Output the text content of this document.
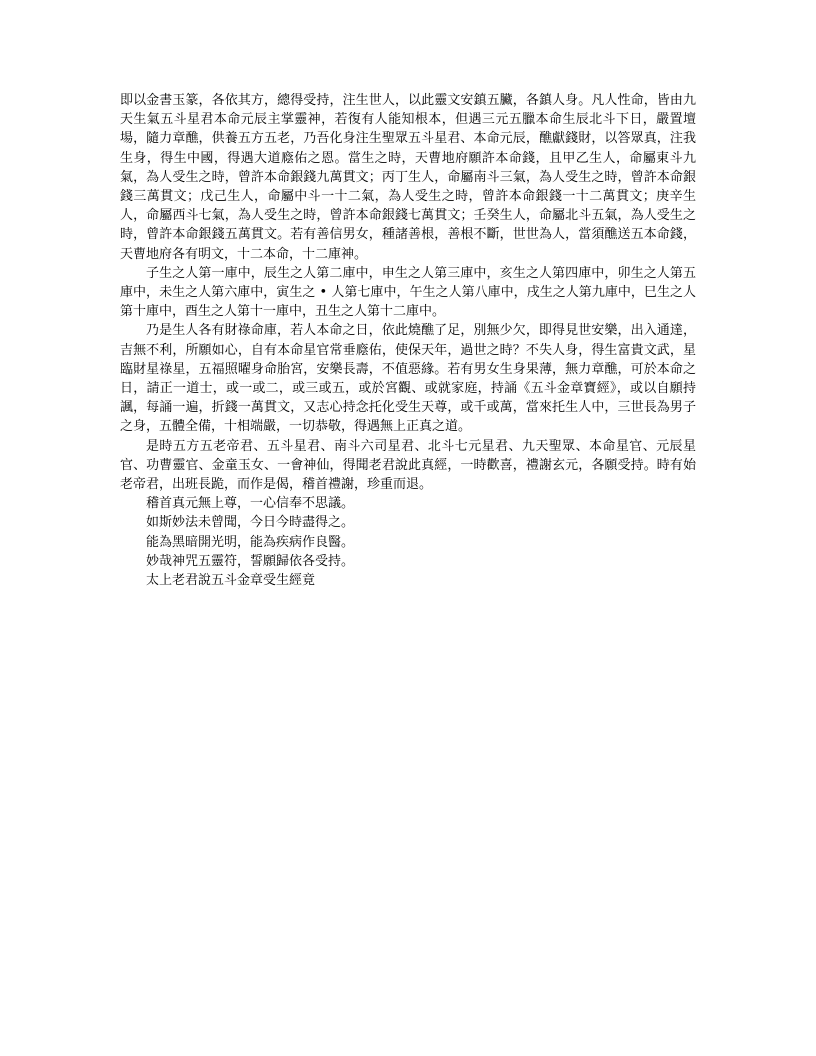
即以金書玉篆，各依其方，總得受持，注生世人，以此靈文安鎮五臟，各鎮人身。凡人性命，皆由九天生氣五斗星君本命元辰主掌靈神，若復有人能知根本，但遇三元五臘本命生辰北斗下日，嚴置壇場，隨力章醮，供養五方五老，乃吾化身注生聖眾五斗星君、本命元辰，醮獻錢財，以答眾真，注我生身，得生中國，得遇大道廕佑之恩。當生之時，天曹地府願許本命錢，且甲乙生人，命屬東斗九氣，為人受生之時，曾許本命銀錢九萬貫文；丙丁生人，命屬南斗三氣，為人受生之時，曾許本命銀錢三萬貫文；戊己生人，命屬中斗一十二氣，為人受生之時，曾許本命銀錢一十二萬貫文；庚辛生人，命屬西斗七氣，為人受生之時，曾許本命銀錢七萬貫文；壬癸生人，命屬北斗五氣，為人受生之時，曾許本命銀錢五萬貫文。若有善信男女，種諸善根，善根不斷，世世為人，當須醮送五本命錢，天曹地府各有明文，十二本命，十二庫神。

子生之人第一庫中，辰生之人第二庫中，申生之人第三庫中，亥生之人第四庫中，卯生之人第五庫中，未生之人第六庫中，寅生之 • 人第七庫中，午生之人第八庫中，戌生之人第九庫中，巳生之人第十庫中，酉生之人第十一庫中，丑生之人第十二庫中。

乃是生人各有財祿命庫，若人本命之日，依此燒醮了足，別無少欠，即得見世安樂，出入通達，吉無不利，所願如心，自有本命星官常垂廕佑，使保天年，過世之時？不失人身，得生富貴文武，星臨財星祿星，五福照曜身命胎宮，安樂長壽，不值惡緣。若有男女生身果薄，無力章醮，可於本命之日，請正一道士，或一或二，或三或五，或於宮觀、或就家庭，持誦《五斗金章寶經》，或以自願持諷，每誦一遍，折錢一萬貫文，又志心持念托化受生天尊，或千或萬，當來托生人中，三世長為男子之身，五體全備，十相端嚴，一切恭敬，得遇無上正真之道。

是時五方五老帝君、五斗星君、南斗六司星君、北斗七元星君、九天聖眾、本命星官、元辰星官、功曹靈官、金童玉女、一會神仙，得聞老君說此真經，一時歡喜，禮謝玄元，各願受持。時有始老帝君，出班長跪，而作是偈，稽首禮謝，珍重而退。

稽首真元無上尊，一心信奉不思議。

如斯妙法未曾聞，今日今時盡得之。

能為黑暗開光明，能為疾病作良醫。

妙哉神咒五靈符，誓願歸依各受持。

太上老君說五斗金章受生經竟
